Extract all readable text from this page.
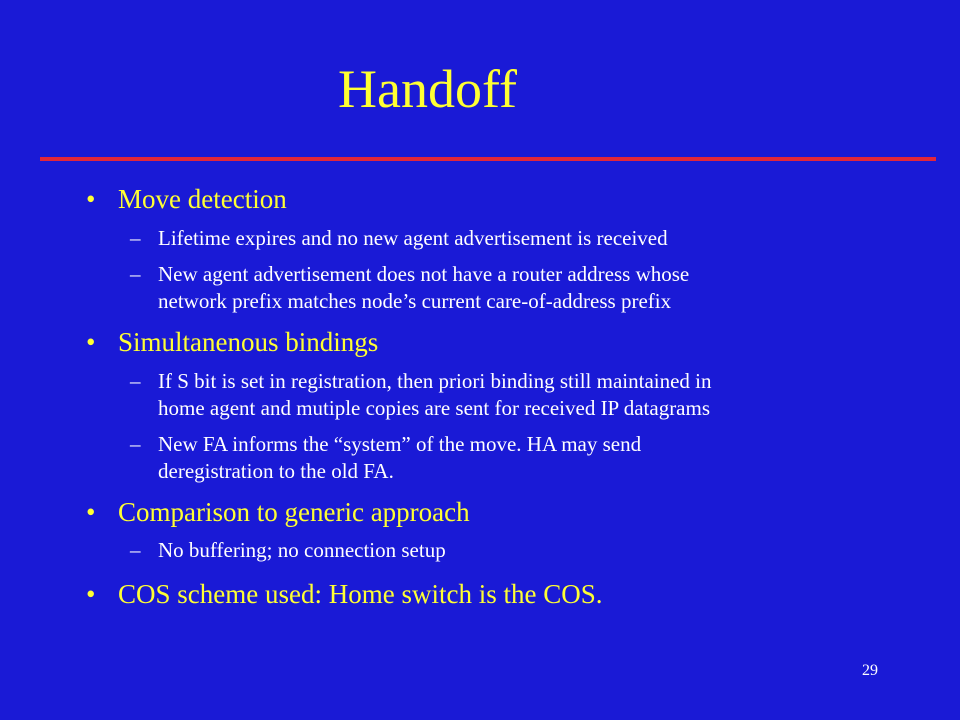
Handoff
• Move detection
– Lifetime expires and no new agent advertisement is received
– New agent advertisement does not have a router address whose
network prefix matches node’s current care-of-address prefix
• Simultanenous bindings
– If S bit is set in registration, then priori binding still maintained in
home agent and mutiple copies are sent for received IP datagrams
– New FA informs the “system” of the move. HA may send
deregistration to the old FA.
• Comparison to generic approach
– No buffering; no connection setup
• COS scheme used: Home switch is the COS.
29
